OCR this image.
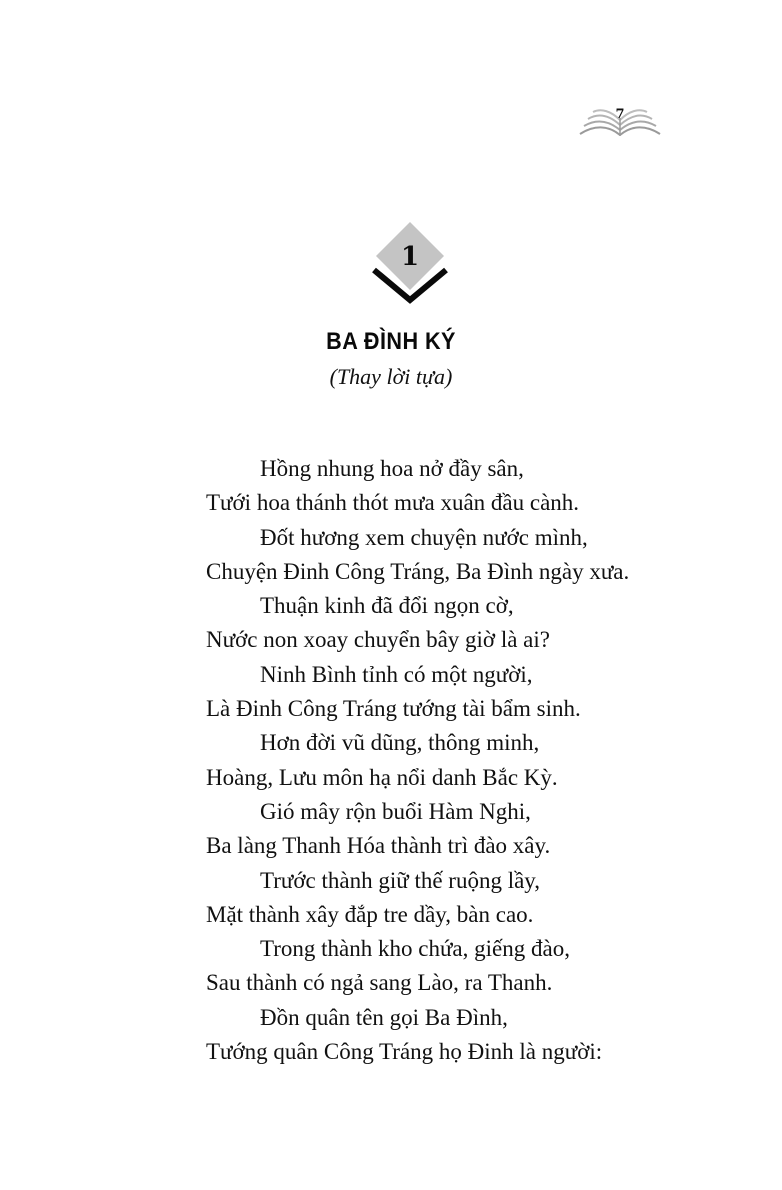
7
1
BA ĐÌNH KÝ
(Thay lời tựa)
Hồng nhung hoa nở đầy sân,
Tưới hoa thánh thót mưa xuân đầu cành.
Đốt hương xem chuyện nước mình,
Chuyện Đinh Công Tráng, Ba Đình ngày xưa.
Thuận kinh đã đổi ngọn cờ,
Nước non xoay chuyển bây giờ là ai?
Ninh Bình tỉnh có một người,
Là Đinh Công Tráng tướng tài bẩm sinh.
Hơn đời vũ dũng, thông minh,
Hoàng, Lưu môn hạ nổi danh Bắc Kỳ.
Gió mây rộn buổi Hàm Nghi,
Ba làng Thanh Hóa thành trì đào xây.
Trước thành giữ thế ruộng lầy,
Mặt thành xây đắp tre dầy, bàn cao.
Trong thành kho chứa, giếng đào,
Sau thành có ngả sang Lào, ra Thanh.
Đồn quân tên gọi Ba Đình,
Tướng quân Công Tráng họ Đinh là người:
